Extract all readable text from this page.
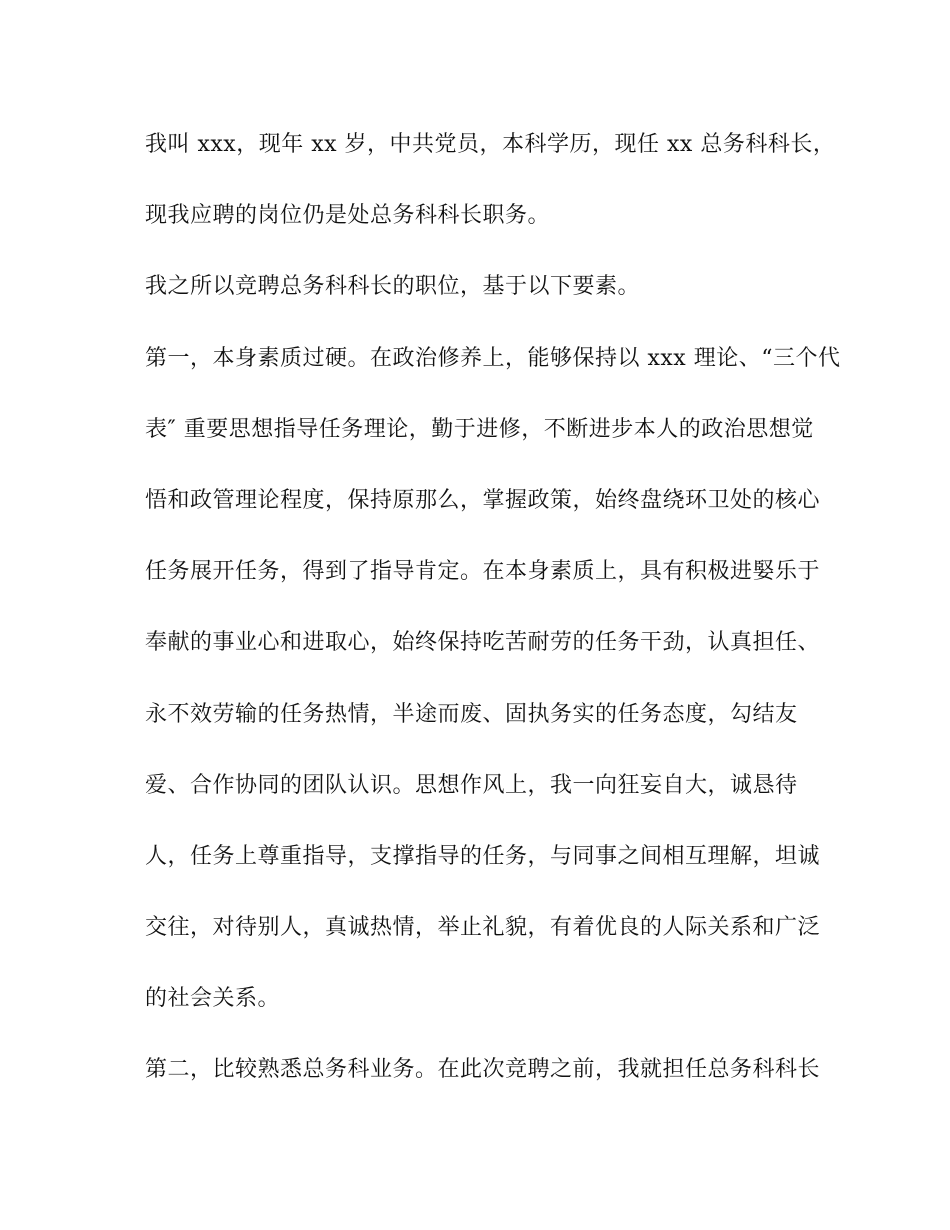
我叫 xxx，现年 xx 岁，中共党员，本科学历，现任 xx 总务科科长，
现我应聘的岗位仍是处总务科科长职务。
我之所以竞聘总务科科长的职位，基于以下要素。
第一，本身素质过硬。在政治修养上，能够保持以 xxx 理论、“三个代
表″ 重要思想指导任务理论，勤于进修，不断进步本人的政治思想觉
悟和政管理论程度，保持原那么，掌握政策，始终盘绕环卫处的核心
任务展开任务，得到了指导肯定。在本身素质上，具有积极进婜乐于
奉献的事业心和进取心，始终保持吃苦耐劳的任务干劲，认真担任、
永不效劳输的任务热情，半途而废、固执务实的任务态度，勾结友
爱、合作协同的团队认识。思想作风上，我一向狂妄自大，诚恳待
人，任务上尊重指导，支撑指导的任务，与同事之间相互理解，坦诚
交往，对待别人，真诚热情，举止礼貌，有着优良的人际关系和广泛
的社会关系。
第二，比较熟悉总务科业务。在此次竞聘之前，我就担任总务科科长
